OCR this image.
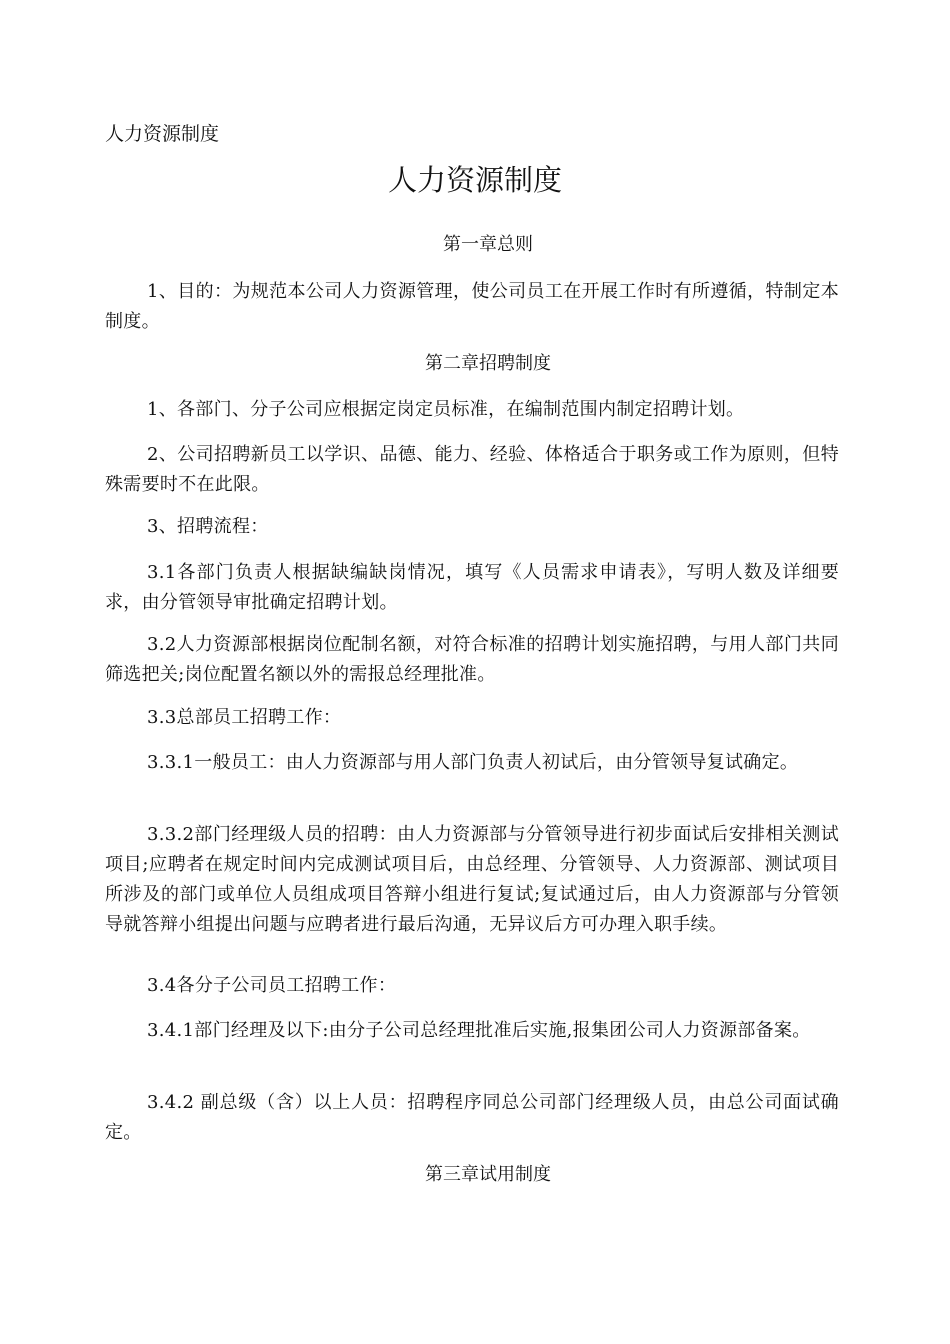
人力资源制度
人力资源制度
第一章总则
1、目的：为规范本公司人力资源管理，使公司员工在开展工作时有所遵循，特制定本制度。
第二章招聘制度
1、各部门、分子公司应根据定岗定员标准，在编制范围内制定招聘计划。
2、公司招聘新员工以学识、品德、能力、经验、体格适合于职务或工作为原则，但特殊需要时不在此限。
3、招聘流程：
3.1各部门负责人根据缺编缺岗情况，填写《人员需求申请表》，写明人数及详细要求，由分管领导审批确定招聘计划。
3.2人力资源部根据岗位配制名额，对符合标准的招聘计划实施招聘，与用人部门共同筛选把关;岗位配置名额以外的需报总经理批准。
3.3总部员工招聘工作：
3.3.1一般员工：由人力资源部与用人部门负责人初试后，由分管领导复试确定。
3.3.2部门经理级人员的招聘：由人力资源部与分管领导进行初步面试后安排相关测试项目;应聘者在规定时间内完成测试项目后，由总经理、分管领导、人力资源部、测试项目所涉及的部门或单位人员组成项目答辩小组进行复试;复试通过后，由人力资源部与分管领导就答辩小组提出问题与应聘者进行最后沟通，无异议后方可办理入职手续。
3.4各分子公司员工招聘工作：
3.4.1部门经理及以下:由分子公司总经理批准后实施,报集团公司人力资源部备案。
3.4.2 副总级（含）以上人员：招聘程序同总公司部门经理级人员，由总公司面试确定。
第三章试用制度
